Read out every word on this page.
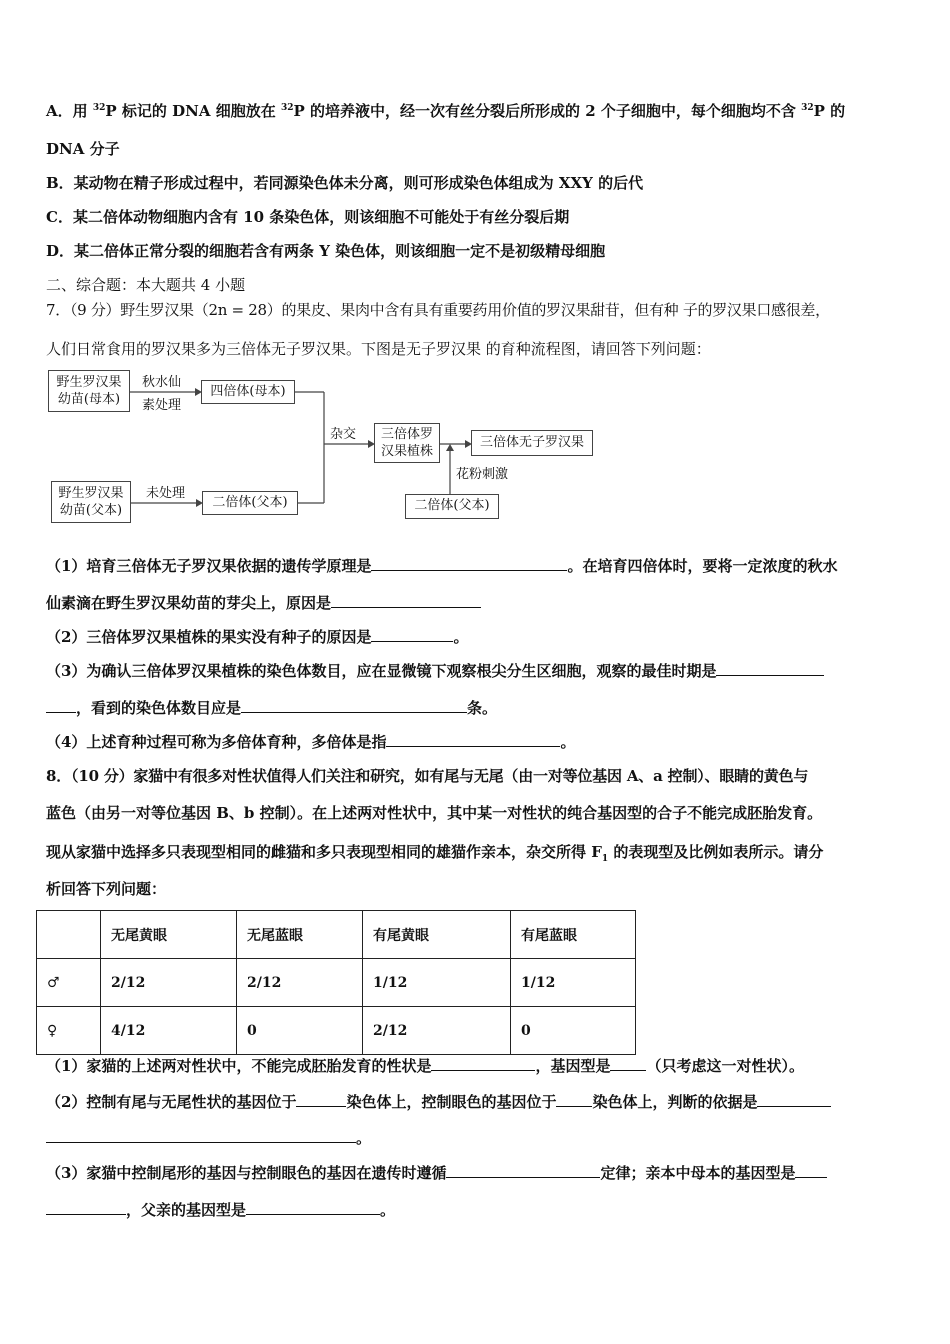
A．用 $^{32}$P 标记的 DNA 细胞放在 $^{32}$P 的培养液中，经一次有丝分裂后所形成的 2 个子细胞中，每个细胞均不含 $^{32}$P 的
DNA 分子
B．某动物在精子形成过程中，若同源染色体未分离，则可形成染色体组成为 XXY 的后代
C．某二倍体动物细胞内含有 10 条染色体，则该细胞不可能处于有丝分裂后期
D．某二倍体正常分裂的细胞若含有两条 Y 染色体，则该细胞一定不是初级精母细胞
二、综合题：本大题共 4 小题
7．（9 分）野生罗汉果（2n = 28）的果皮、果肉中含有具有重要药用价值的罗汉果甜苷，但有种 子的罗汉果口感很差，
人们日常食用的罗汉果多为三倍体无子罗汉果。下图是无子罗汉果 的育种流程图，请回答下列问题：
野生罗汉果
幼苗(母本)
秋水仙
素处理
四倍体(母本)
杂交	三倍体罗
汉果植株
三倍体无子罗汉果
野生罗汉果
幼苗(父本)
未处理
二倍体(父本)
花粉刺激
二倍体(父本)
（1）培育三倍体无子罗汉果依据的遗传学原理是	。在培育四倍体时，要将一定浓度的秋水
仙素滴在野生罗汉果幼苗的芽尖上，原因是
（2）三倍体罗汉果植株的果实没有种子的原因是	。
（3）为确认三倍体罗汉果植株的染色体数目，应在显微镜下观察根尖分生区细胞，观察的最佳时期是
，看到的染色体数目应是	条。
（4）上述育种过程可称为多倍体育种，多倍体是指	。
8．（10 分）家猫中有很多对性状值得人们关注和研究，如有尾与无尾（由一对等位基因 A、a 控制）、眼睛的黄色与
蓝色（由另一对等位基因 B、b 控制）。在上述两对性状中，其中某一对性状的纯合基因型的合子不能完成胚胎发育。
现从家猫中选择多只表现型相同的雌猫和多只表现型相同的雄猫作亲本，杂交所得 $F_1$ 的表现型及比例如表所示。请分
析回答下列问题：
	无尾黄眼	无尾蓝眼	有尾黄眼	有尾蓝眼
♂	2/12	2/12	1/12	1/12
♀	4/12	0	2/12	0
（1）家猫的上述两对性状中，不能完成胚胎发育的性状是	，基因型是 （只考虑这一对性状）。
（2）控制有尾与无尾性状的基因位于	染色体上，控制眼色的基因位于 染色体上，判断的依据是
。
（3）家猫中控制尾形的基因与控制眼色的基因在遗传时遵循	定律；亲本中母本的基因型是
，父亲的基因型是	。
